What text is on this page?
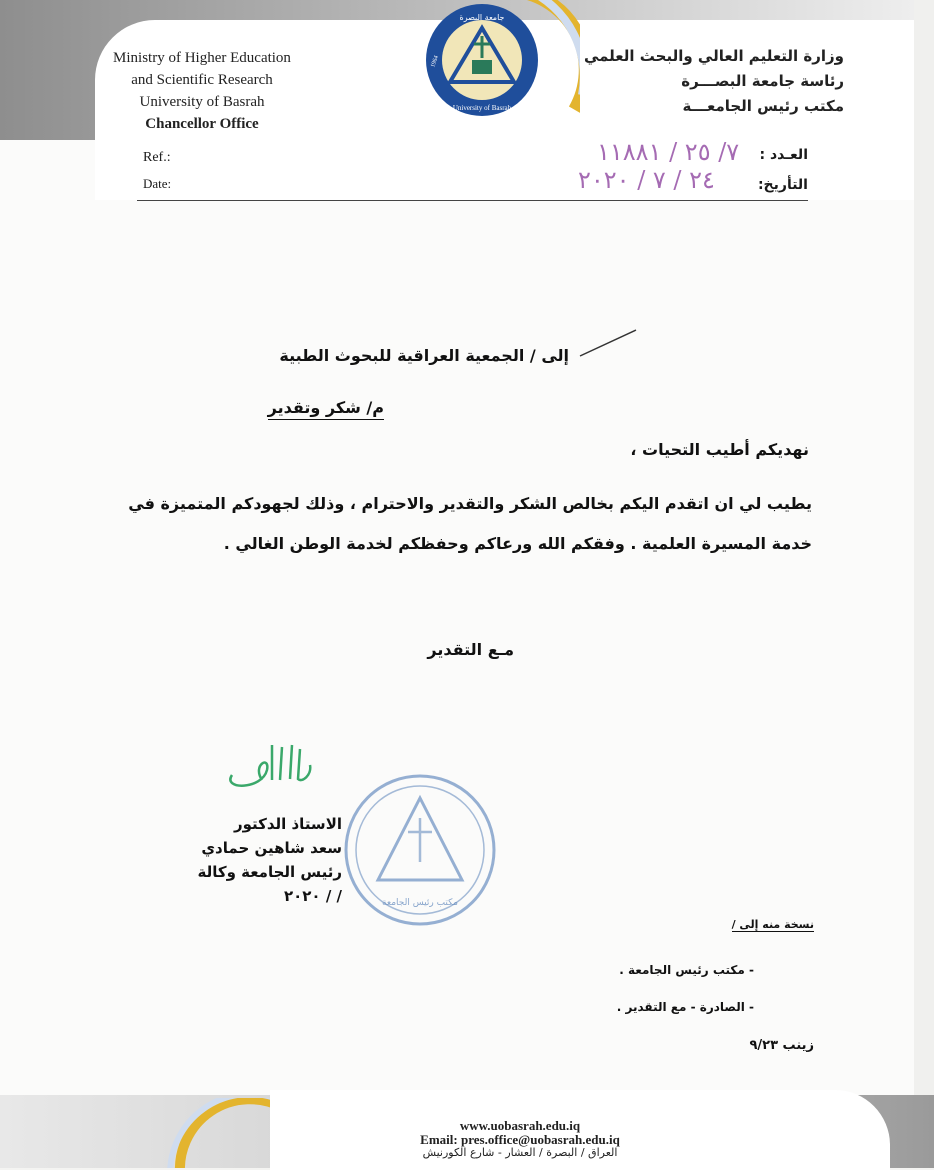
جامعة البصرة
University of Basrah
1964
Ministry of Higher Education
and Scientific Research
University of Basrah
Chancellor Office
وزارة التعليم العالي والبحث العلمي
رئاسة جامعة البصـــرة
مكتب رئيس الجامعـــة
Ref.:
Date:
العـدد :
التأريخ:
٧/ ٢٥ / ١١٨٨١
٢٤ / ٧ / ٢٠٢٠
إلى / الجمعية العراقية للبحوث الطبية
م/ شكر وتقدير
نهديكم أطيب التحيات ،
يطيب لي ان اتقدم اليكم بخالص الشكر والتقدير والاحترام ، وذلك لجهودكم المتميزة في خدمة المسيرة العلمية . وفقكم الله ورعاكم وحفظكم لخدمة الوطن الغالي .
مـع التقدير
مكتب رئيس الجامعة
الاستاذ الدكتور
سعد شاهين حمادي
رئيس الجامعة وكالة
/ / ٢٠٢٠
نسخة منه إلى /
- مكتب رئيس الجامعة .
- الصادرة - مع التقدير .
زينب ٩/٢٣
www.uobasrah.edu.iq
Email: pres.office@uobasrah.edu.iq
العراق / البصرة / العشار - شارع الكورنيش
